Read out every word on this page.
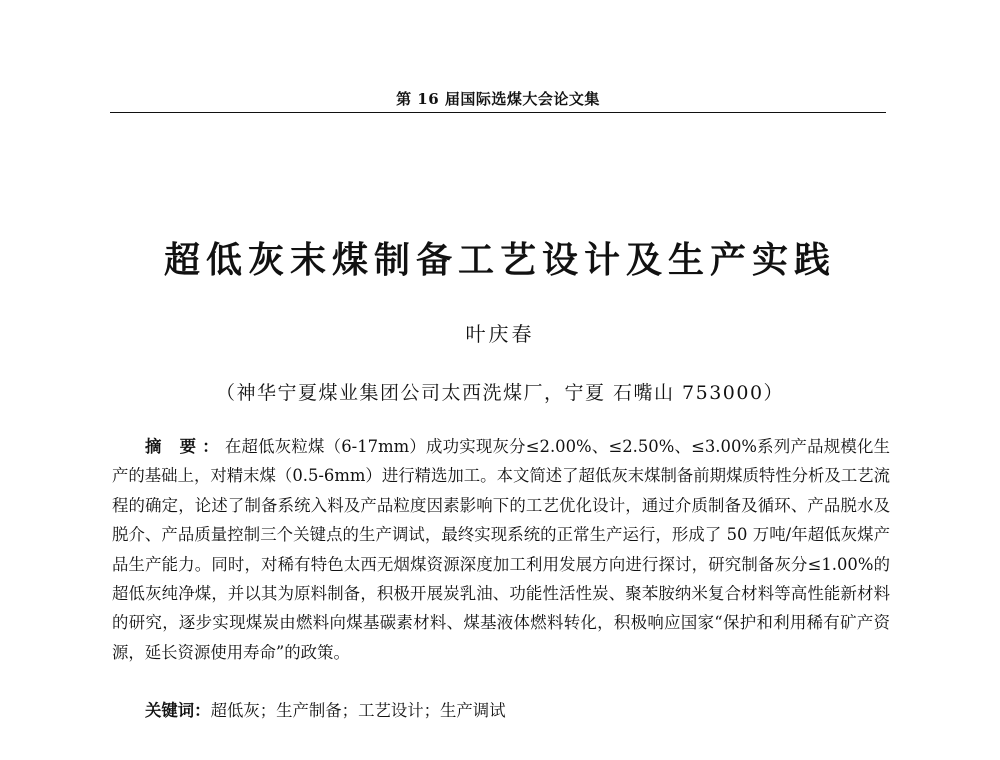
第 16 届国际选煤大会论文集
超低灰末煤制备工艺设计及生产实践
叶庆春
（神华宁夏煤业集团公司太西洗煤厂，宁夏 石嘴山 753000）
摘 要：在超低灰粒煤（6-17mm）成功实现灰分≤2.00%、≤2.50%、≤3.00%系列产品规模化生产的基础上，对精末煤（0.5-6mm）进行精选加工。本文简述了超低灰末煤制备前期煤质特性分析及工艺流程的确定，论述了制备系统入料及产品粒度因素影响下的工艺优化设计，通过介质制备及循环、产品脱水及脱介、产品质量控制三个关键点的生产调试，最终实现系统的正常生产运行，形成了 50 万吨/年超低灰煤产品生产能力。同时，对稀有特色太西无烟煤资源深度加工利用发展方向进行探讨，研究制备灰分≤1.00%的超低灰纯净煤，并以其为原料制备，积极开展炭乳油、功能性活性炭、聚苯胺纳米复合材料等高性能新材料的研究，逐步实现煤炭由燃料向煤基碳素材料、煤基液体燃料转化，积极响应国家“保护和利用稀有矿产资源，延长资源使用寿命”的政策。
关键词：超低灰；生产制备；工艺设计；生产调试
